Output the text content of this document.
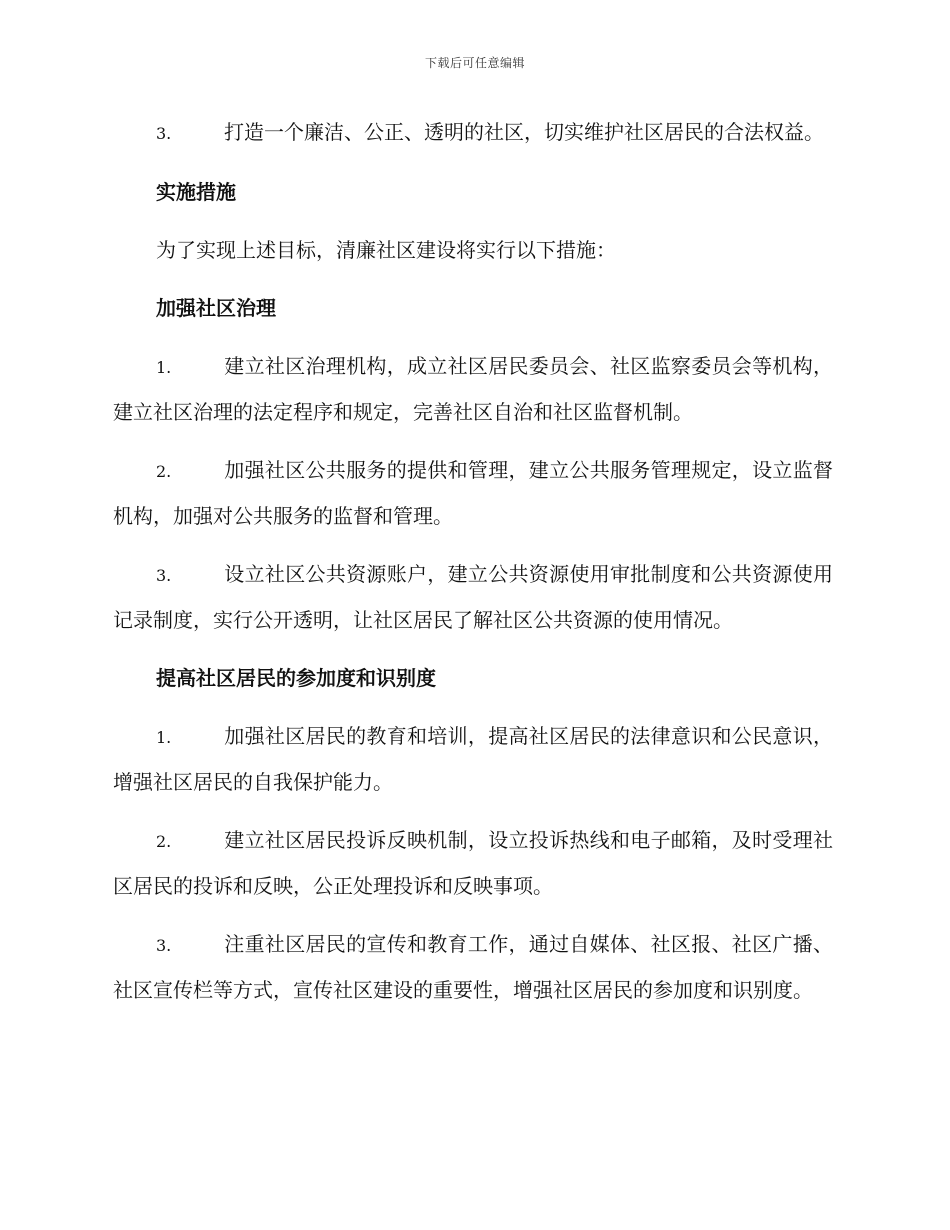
下载后可任意编辑

3.	打造一个廉洁、公正、透明的社区，切实维护社区居民的合法权益。

实施措施

为了实现上述目标，清廉社区建设将实行以下措施：

加强社区治理

1.	建立社区治理机构，成立社区居民委员会、社区监察委员会等机构，建立社区治理的法定程序和规定，完善社区自治和社区监督机制。

2.	加强社区公共服务的提供和管理，建立公共服务管理规定，设立监督机构，加强对公共服务的监督和管理。

3.	设立社区公共资源账户，建立公共资源使用审批制度和公共资源使用记录制度，实行公开透明，让社区居民了解社区公共资源的使用情况。

提高社区居民的参加度和识别度

1.	加强社区居民的教育和培训，提高社区居民的法律意识和公民意识，增强社区居民的自我保护能力。

2.	建立社区居民投诉反映机制，设立投诉热线和电子邮箱，及时受理社区居民的投诉和反映，公正处理投诉和反映事项。

3.	注重社区居民的宣传和教育工作，通过自媒体、社区报、社区广播、社区宣传栏等方式，宣传社区建设的重要性，增强社区居民的参加度和识别度。
